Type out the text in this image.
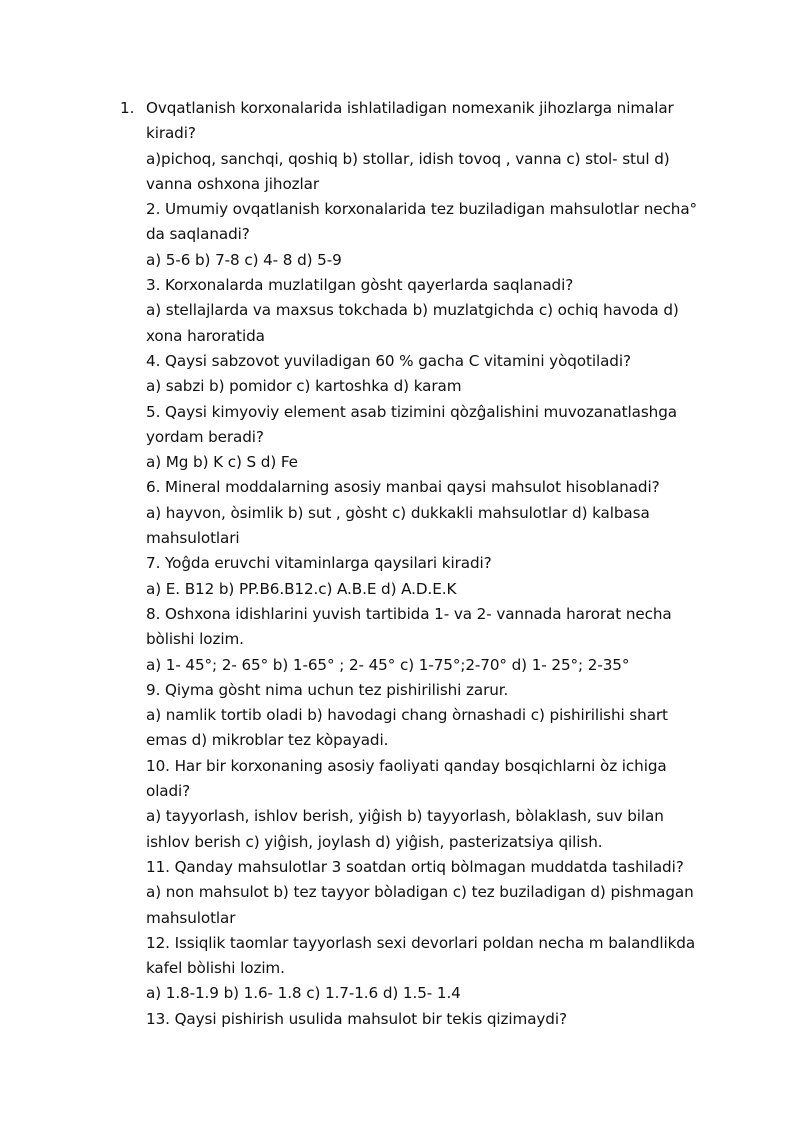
1. Ovqatlanish korxonalarida ishlatiladigan nomexanik jihozlarga nimalar
kiradi?
a)pichoq, sanchqi, qoshiq b) stollar, idish tovoq , vanna c) stol- stul d)
vanna oshxona jihozlar
2. Umumiy ovqatlanish korxonalarida tez buziladigan mahsulotlar necha°
da saqlanadi?
a) 5-6 b) 7-8 c) 4- 8 d) 5-9
3. Korxonalarda muzlatilgan gòsht qayerlarda saqlanadi?
a) stellajlarda va maxsus tokchada b) muzlatgichda c) ochiq havoda d)
xona haroratida
4. Qaysi sabzovot yuviladigan 60 % gacha C vitamini yòqotiladi?
a) sabzi b) pomidor c) kartoshka d) karam
5. Qaysi kimyoviy element asab tizimini qòzĝalishini muvozanatlashga
yordam beradi?
a) Mg b) K c) S d) Fe
6. Mineral moddalarning asosiy manbai qaysi mahsulot hisoblanadi?
a) hayvon, òsimlik b) sut , gòsht c) dukkakli mahsulotlar d) kalbasa
mahsulotlari
7. Yoĝda eruvchi vitaminlarga qaysilari kiradi?
a) E. B12 b) PP.B6.B12.c) A.B.E d) A.D.E.K
8. Oshxona idishlarini yuvish tartibida 1- va 2- vannada harorat necha
bòlishi lozim.
a) 1- 45°; 2- 65° b) 1-65° ; 2- 45° c) 1-75°;2-70° d) 1- 25°; 2-35°
9. Qiyma gòsht nima uchun tez pishirilishi zarur.
a) namlik tortib oladi b) havodagi chang òrnashadi c) pishirilishi shart
emas d) mikroblar tez kòpayadi.
10. Har bir korxonaning asosiy faoliyati qanday bosqichlarni òz ichiga
oladi?
a) tayyorlash, ishlov berish, yiĝish b) tayyorlash, bòlaklash, suv bilan
ishlov berish c) yiĝish, joylash d) yiĝish, pasterizatsiya qilish.
11. Qanday mahsulotlar 3 soatdan ortiq bòlmagan muddatda tashiladi?
a) non mahsulot b) tez tayyor bòladigan c) tez buziladigan d) pishmagan
mahsulotlar
12. Issiqlik taomlar tayyorlash sexi devorlari poldan necha m balandlikda
kafel bòlishi lozim.
a) 1.8-1.9 b) 1.6- 1.8 c) 1.7-1.6 d) 1.5- 1.4
13. Qaysi pishirish usulida mahsulot bir tekis qizimaydi?
